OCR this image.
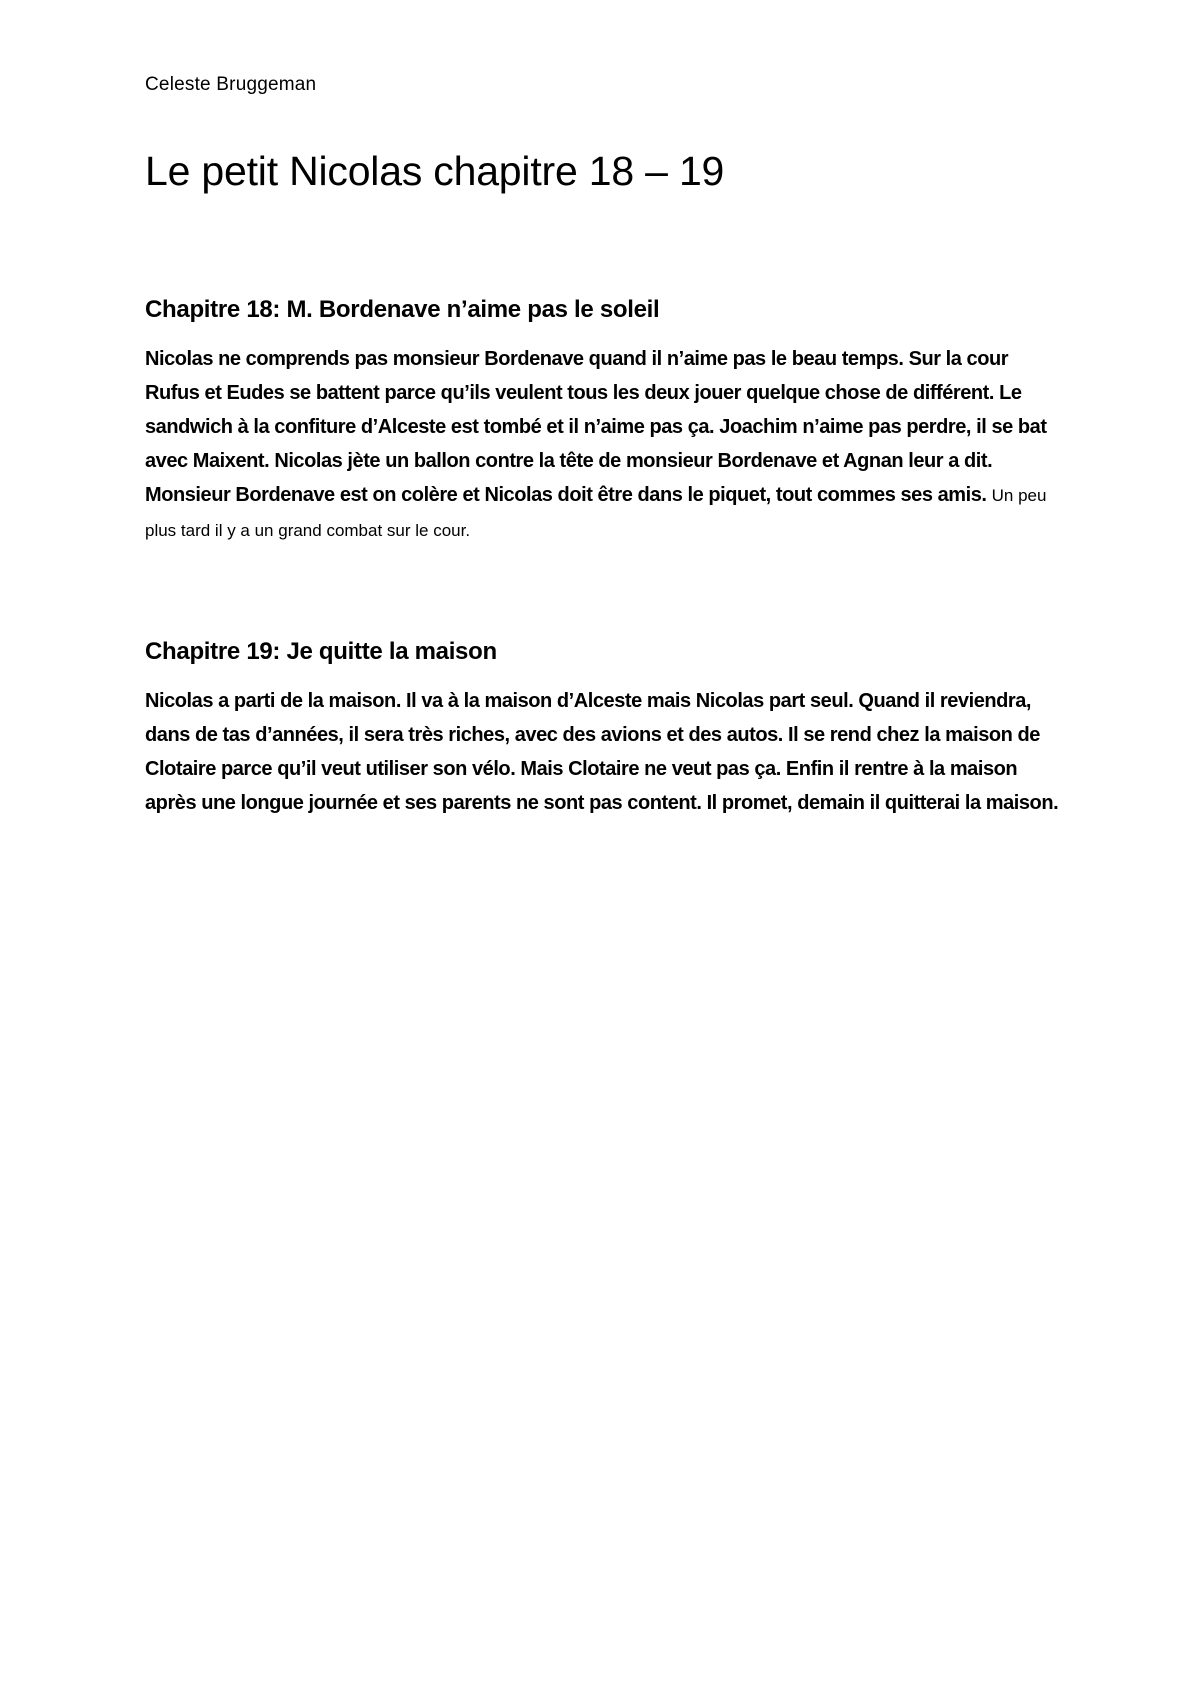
Celeste Bruggeman
Le petit Nicolas chapitre 18 – 19
Chapitre 18: M. Bordenave n’aime pas le soleil

Nicolas ne comprends pas monsieur Bordenave quand il n’aime pas le beau temps. Sur la cour Rufus et Eudes se battent parce qu’ils veulent tous les deux jouer quelque chose de différent. Le sandwich à la confiture d’Alceste est tombé et il n’aime pas ça. Joachim n’aime pas perdre, il se bat avec Maixent. Nicolas jète un ballon contre la tête de monsieur Bordenave et Agnan leur a dit. Monsieur Bordenave est on colère et Nicolas doit être dans le piquet, tout commes ses amis. Un peu plus tard il y a un grand combat sur le cour.

Chapitre 19: Je quitte la maison

Nicolas a parti de la maison. Il va à la maison d’Alceste mais Nicolas part seul. Quand il reviendra, dans de tas d’années, il sera très riches, avec des avions et des autos. Il se rend chez la maison de Clotaire parce qu’il veut utiliser son vélo. Mais Clotaire ne veut pas ça. Enfin il rentre à la maison après une longue journée et ses parents ne sont pas content. Il promet, demain il quitterai la maison.
